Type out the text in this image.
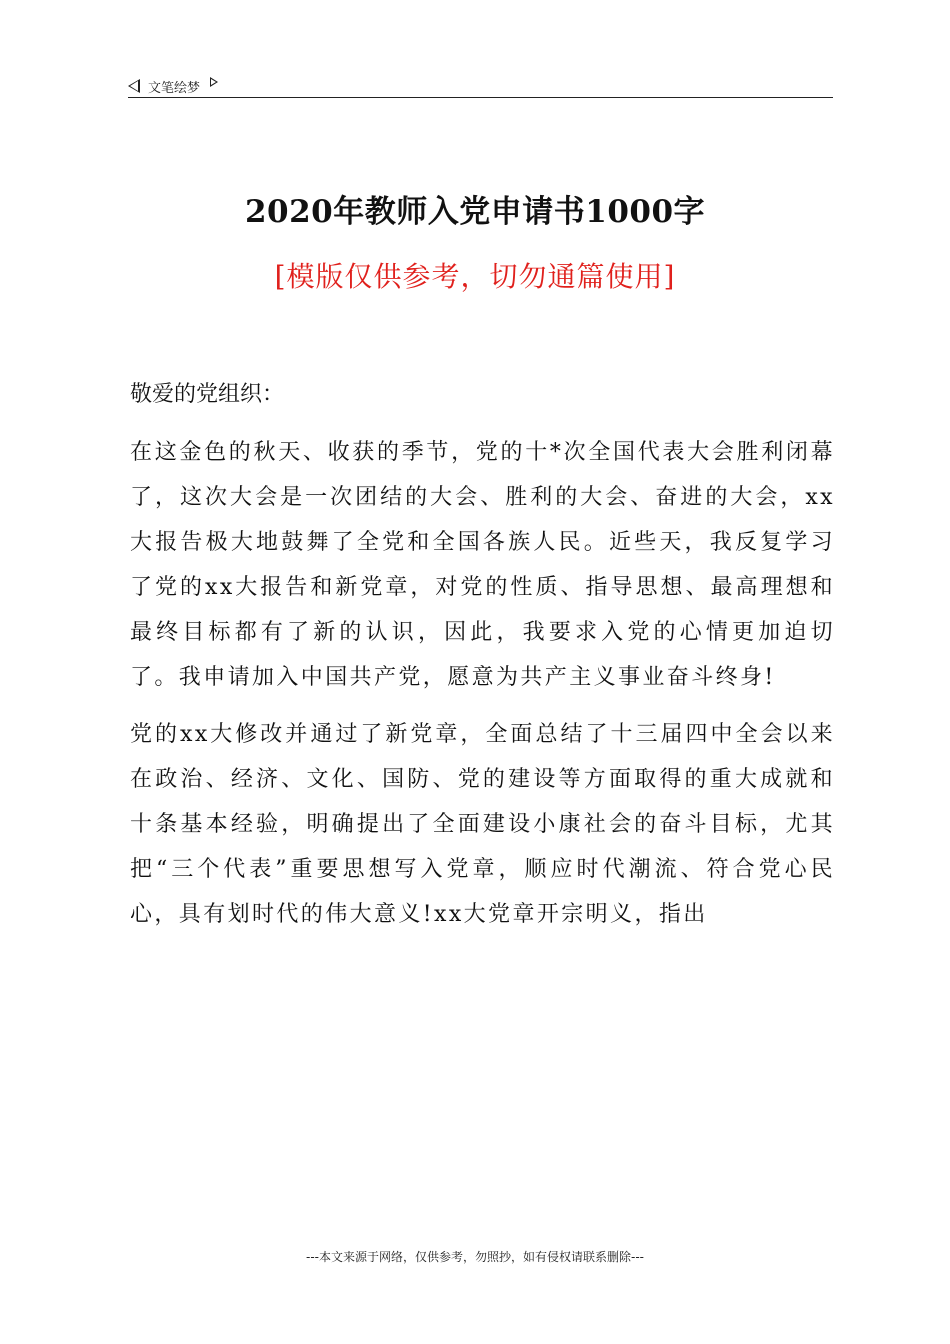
文笔绘梦
2020年教师入党申请书1000字
[模版仅供参考，切勿通篇使用]
敬爱的党组织：
在这金色的秋天、收获的季节，党的十*次全国代表大会胜利闭幕了，这次大会是一次团结的大会、胜利的大会、奋进的大会，xx大报告极大地鼓舞了全党和全国各族人民。近些天，我反复学习了党的xx大报告和新党章，对党的性质、指导思想、最高理想和最终目标都有了新的认识，因此，我要求入党的心情更加迫切了。我申请加入中国共产党，愿意为共产主义事业奋斗终身!
党的xx大修改并通过了新党章，全面总结了十三届四中全会以来在政治、经济、文化、国防、党的建设等方面取得的重大成就和十条基本经验，明确提出了全面建设小康社会的奋斗目标，尤其把“三个代表”重要思想写入党章，顺应时代潮流、符合党心民心，具有划时代的伟大意义!xx大党章开宗明义，指出
---本文来源于网络，仅供参考，勿照抄，如有侵权请联系删除---
